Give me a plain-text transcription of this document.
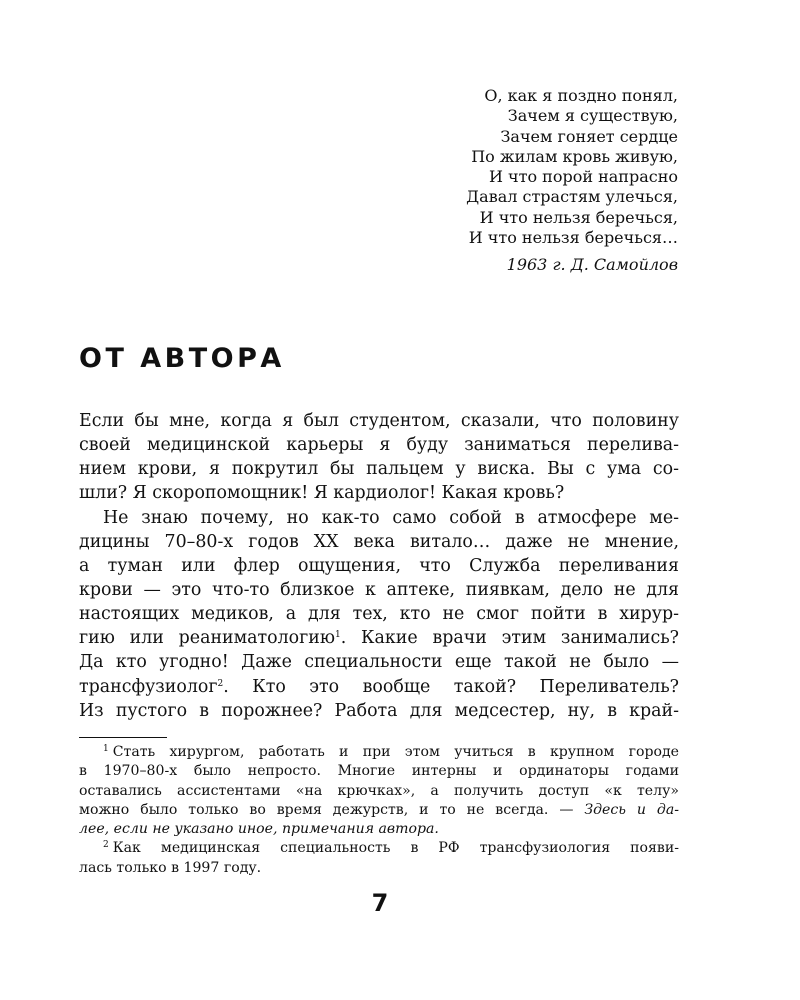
О, как я поздно понял,
Зачем я существую,
Зачем гоняет сердце
По жилам кровь живую,
И что порой напрасно
Давал страстям улечься,
И что нельзя беречься,
И что нельзя беречься…
1963 г. Д. Самойлов
ОТ АВТОРА
Если бы мне, когда я был студентом, сказали, что половину
своей медицинской карьеры я буду заниматься перелива-
нием крови, я покрутил бы пальцем у виска. Вы с ума со-
шли? Я скоропомощник! Я кардиолог! Какая кровь?
Не знаю почему, но как-то само собой в атмосфере ме-
дицины 70–80-х годов XX века витало… даже не мнение,
а туман или флер ощущения, что Служба переливания
крови — это что-то близкое к аптеке, пиявкам, дело не для
настоящих медиков, а для тех, кто не смог пойти в хирур-
гию или реаниматологию$^1$. Какие врачи этим занимались?
Да кто угодно! Даже специальности еще такой не было —
трансфузиолог$^2$. Кто это вообще такой? Переливатель?
Из пустого в порожнее? Работа для медсестер, ну, в край-
$^1$ Стать хирургом, работать и при этом учиться в крупном городе
в 1970–80-х было непросто. Многие интерны и ординаторы годами
оставались ассистентами «на крючках», а получить доступ «к телу»
можно было только во время дежурств, и то не всегда. — Здесь и да-
лее, если не указано иное, примечания автора.
$^2$ Как медицинская специальность в РФ трансфузиология появи-
лась только в 1997 году.
7
